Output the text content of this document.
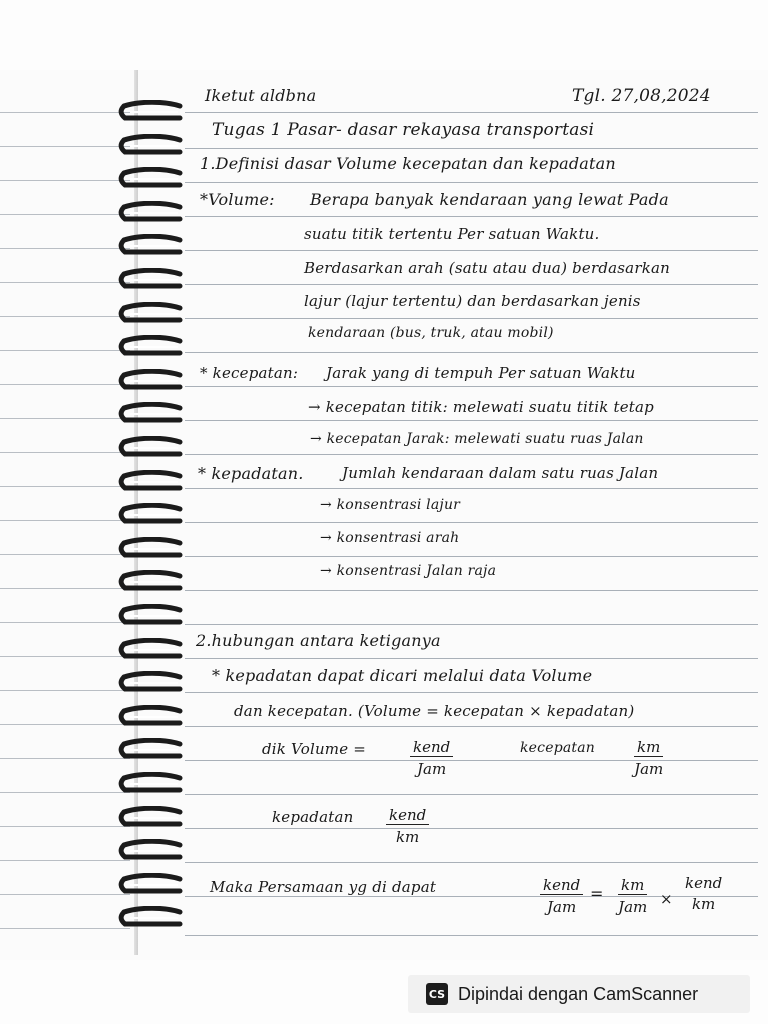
Iketut aldbna	Tgl. 27,08,2024
Tugas 1 Pasar- dasar rekayasa transportasi
1.Definisi dasar Volume kecepatan dan kepadatan
*Volume: Berapa banyak kendaraan yang lewat Pada
suatu titik tertentu Per satuan Waktu.
Berdasarkan arah (satu atau dua) berdasarkan
lajur (lajur tertentu) dan berdasarkan jenis
kendaraan (bus, truk, atau mobil)
* kecepatan: Jarak yang di tempuh Per satuan Waktu
→ kecepatan titik: melewati suatu titik tetap
→ kecepatan Jarak: melewati suatu ruas Jalan
* kepadatan.	Jumlah kendaraan dalam satu ruas Jalan
→ konsentrasi lajur
→ konsentrasi arah
→ konsentrasi Jalan raja
2.hubungan antara ketiganya
* kepadatan dapat dicari melalui data Volume
dan kecepatan. (Volume = kecepatan × kepadatan)
dik Volume =	kend
Jam
kecepatan	km
Jam
kepadatan kend
km
Maka Persamaan yg di dapat	kend
Jam
= km
Jam ×
kend
km
CS Dipindai dengan CamScanner
